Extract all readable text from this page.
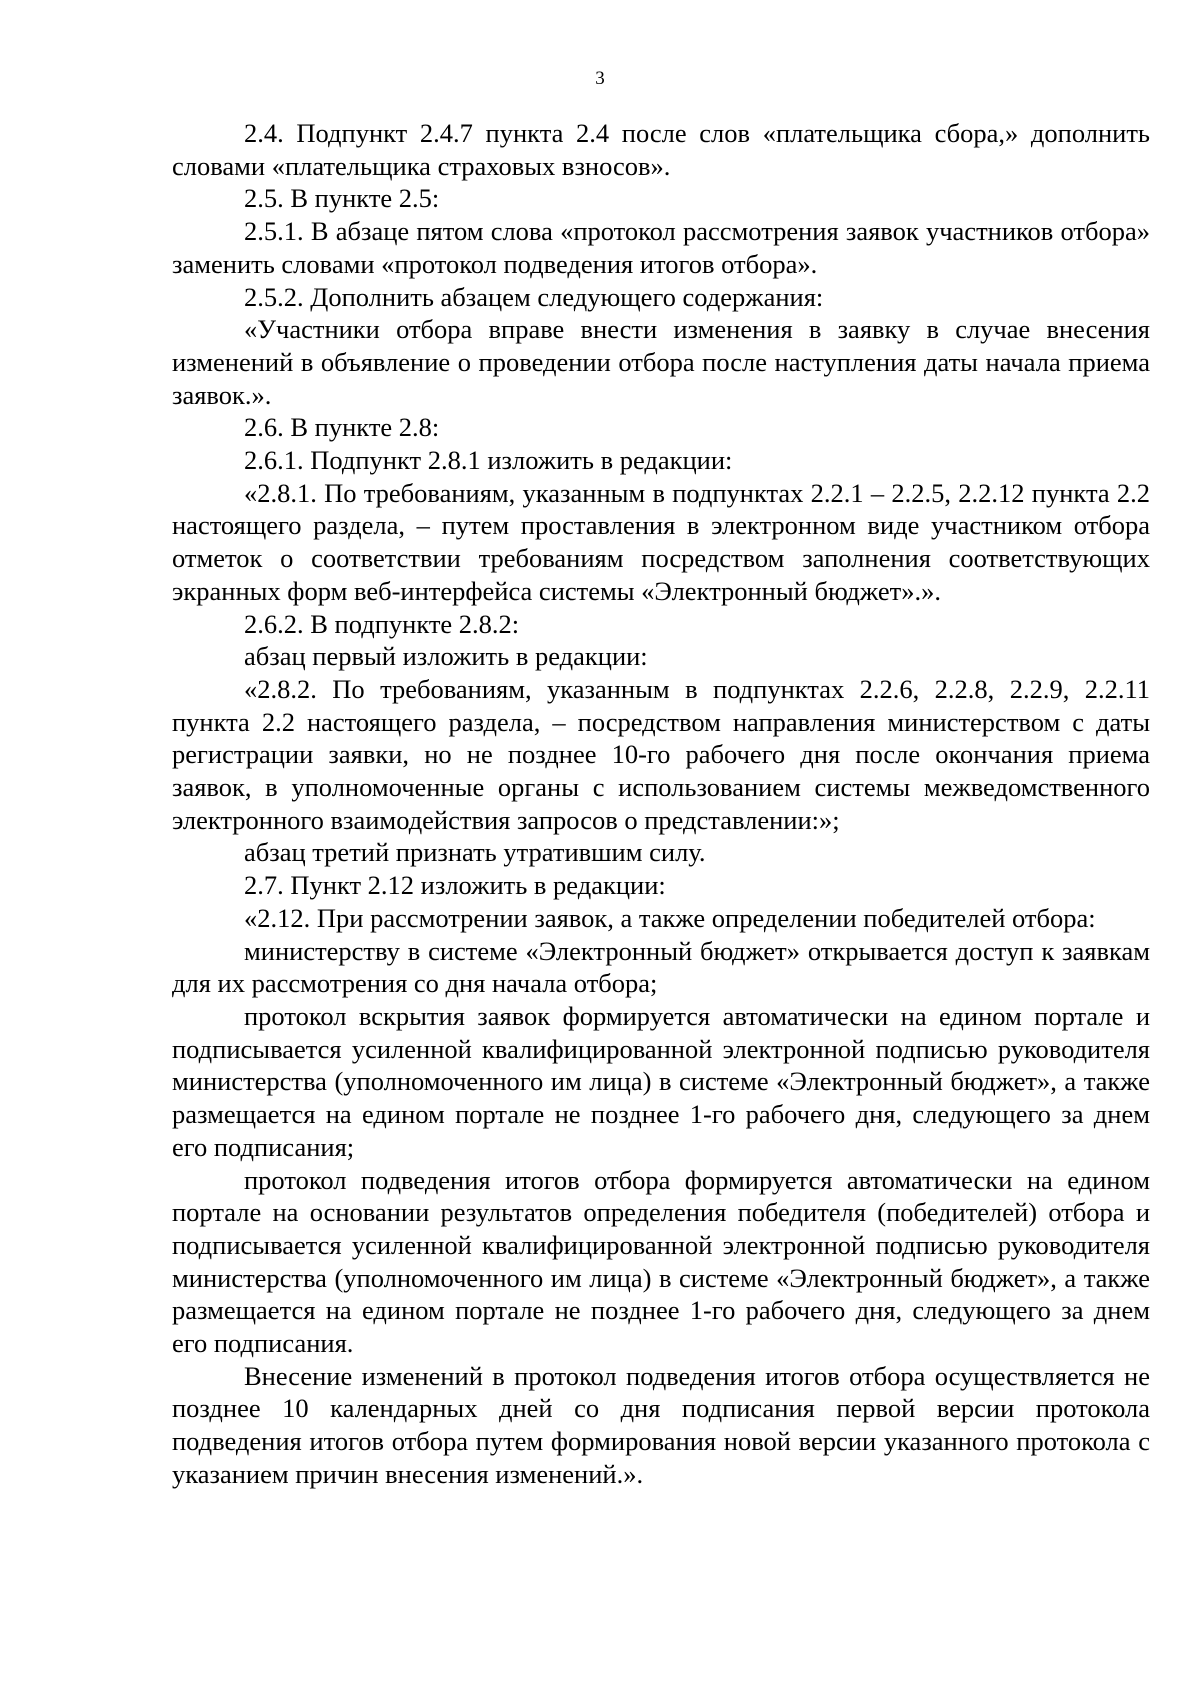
3

2.4. Подпункт 2.4.7 пункта 2.4 после слов «плательщика сбора,» дополнить словами «плательщика страховых взносов».

2.5. В пункте 2.5:

2.5.1. В абзаце пятом слова «протокол рассмотрения заявок участников отбора» заменить словами «протокол подведения итогов отбора».

2.5.2. Дополнить абзацем следующего содержания:

«Участники отбора вправе внести изменения в заявку в случае внесения изменений в объявление о проведении отбора после наступления даты начала приема заявок.».

2.6. В пункте 2.8:

2.6.1. Подпункт 2.8.1 изложить в редакции:

«2.8.1. По требованиям, указанным в подпунктах 2.2.1 – 2.2.5, 2.2.12 пункта 2.2 настоящего раздела, – путем проставления в электронном виде участником отбора отметок о соответствии требованиям посредством заполнения соответствующих экранных форм веб-интерфейса системы «Электронный бюджет».».

2.6.2. В подпункте 2.8.2:

абзац первый изложить в редакции:

«2.8.2. По требованиям, указанным в подпунктах 2.2.6, 2.2.8, 2.2.9, 2.2.11 пункта 2.2 настоящего раздела, – посредством направления министерством с даты регистрации заявки, но не позднее 10-го рабочего дня после окончания приема заявок, в уполномоченные органы с использованием системы межведомственного электронного взаимодействия запросов о представлении:»;

абзац третий признать утратившим силу.

2.7. Пункт 2.12 изложить в редакции:

«2.12. При рассмотрении заявок, а также определении победителей отбора:

министерству в системе «Электронный бюджет» открывается доступ к заявкам для их рассмотрения со дня начала отбора;

протокол вскрытия заявок формируется автоматически на едином портале и подписывается усиленной квалифицированной электронной подписью руководителя министерства (уполномоченного им лица) в системе «Электронный бюджет», а также размещается на едином портале не позднее 1-го рабочего дня, следующего за днем его подписания;

протокол подведения итогов отбора формируется автоматически на едином портале на основании результатов определения победителя (победителей) отбора и подписывается усиленной квалифицированной электронной подписью руководителя министерства (уполномоченного им лица) в системе «Электронный бюджет», а также размещается на едином портале не позднее 1-го рабочего дня, следующего за днем его подписания.

Внесение изменений в протокол подведения итогов отбора осуществляется не позднее 10 календарных дней со дня подписания первой версии протокола подведения итогов отбора путем формирования новой версии указанного протокола с указанием причин внесения изменений.».
